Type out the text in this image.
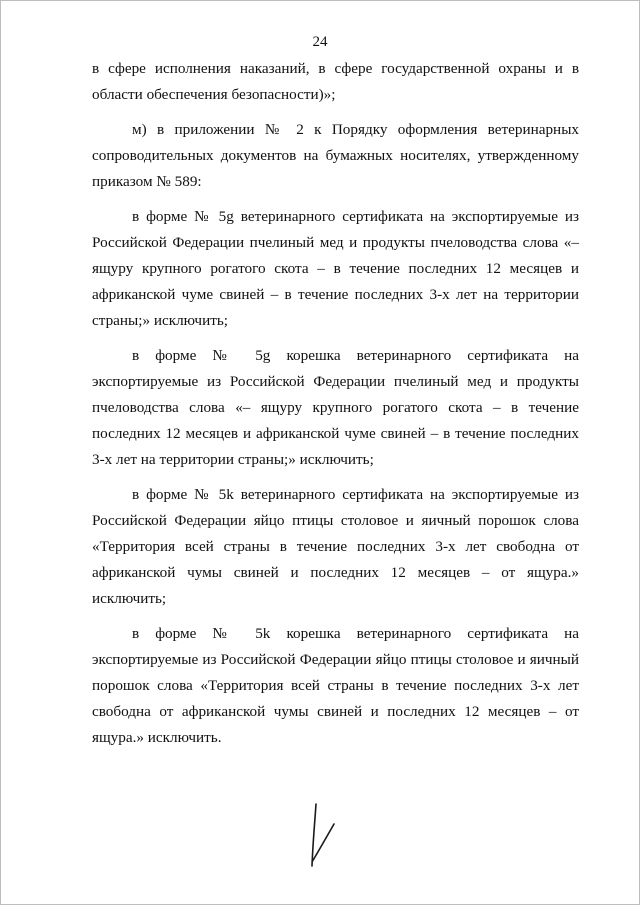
24

в сфере исполнения наказаний, в сфере государственной охраны и в области обеспечения безопасности)»;

м) в приложении № 2 к Порядку оформления ветеринарных сопроводительных документов на бумажных носителях, утвержденному приказом № 589:

в форме № 5g ветеринарного сертификата на экспортируемые из Российской Федерации пчелиный мед и продукты пчеловодства слова «– ящуру крупного рогатого скота – в течение последних 12 месяцев и африканской чуме свиней – в течение последних 3-х лет на территории страны;» исключить;

в форме № 5g корешка ветеринарного сертификата на экспортируемые из Российской Федерации пчелиный мед и продукты пчеловодства слова «– ящуру крупного рогатого скота – в течение последних 12 месяцев и африканской чуме свиней – в течение последних 3-х лет на территории страны;» исключить;

в форме № 5k ветеринарного сертификата на экспортируемые из Российской Федерации яйцо птицы столовое и яичный порошок слова «Территория всей страны в течение последних 3-х лет свободна от африканской чумы свиней и последних 12 месяцев – от ящура.» исключить;

в форме № 5k корешка ветеринарного сертификата на экспортируемые из Российской Федерации яйцо птицы столовое и яичный порошок слова «Территория всей страны в течение последних 3-х лет свободна от африканской чумы свиней и последних 12 месяцев – от ящура.» исключить.
